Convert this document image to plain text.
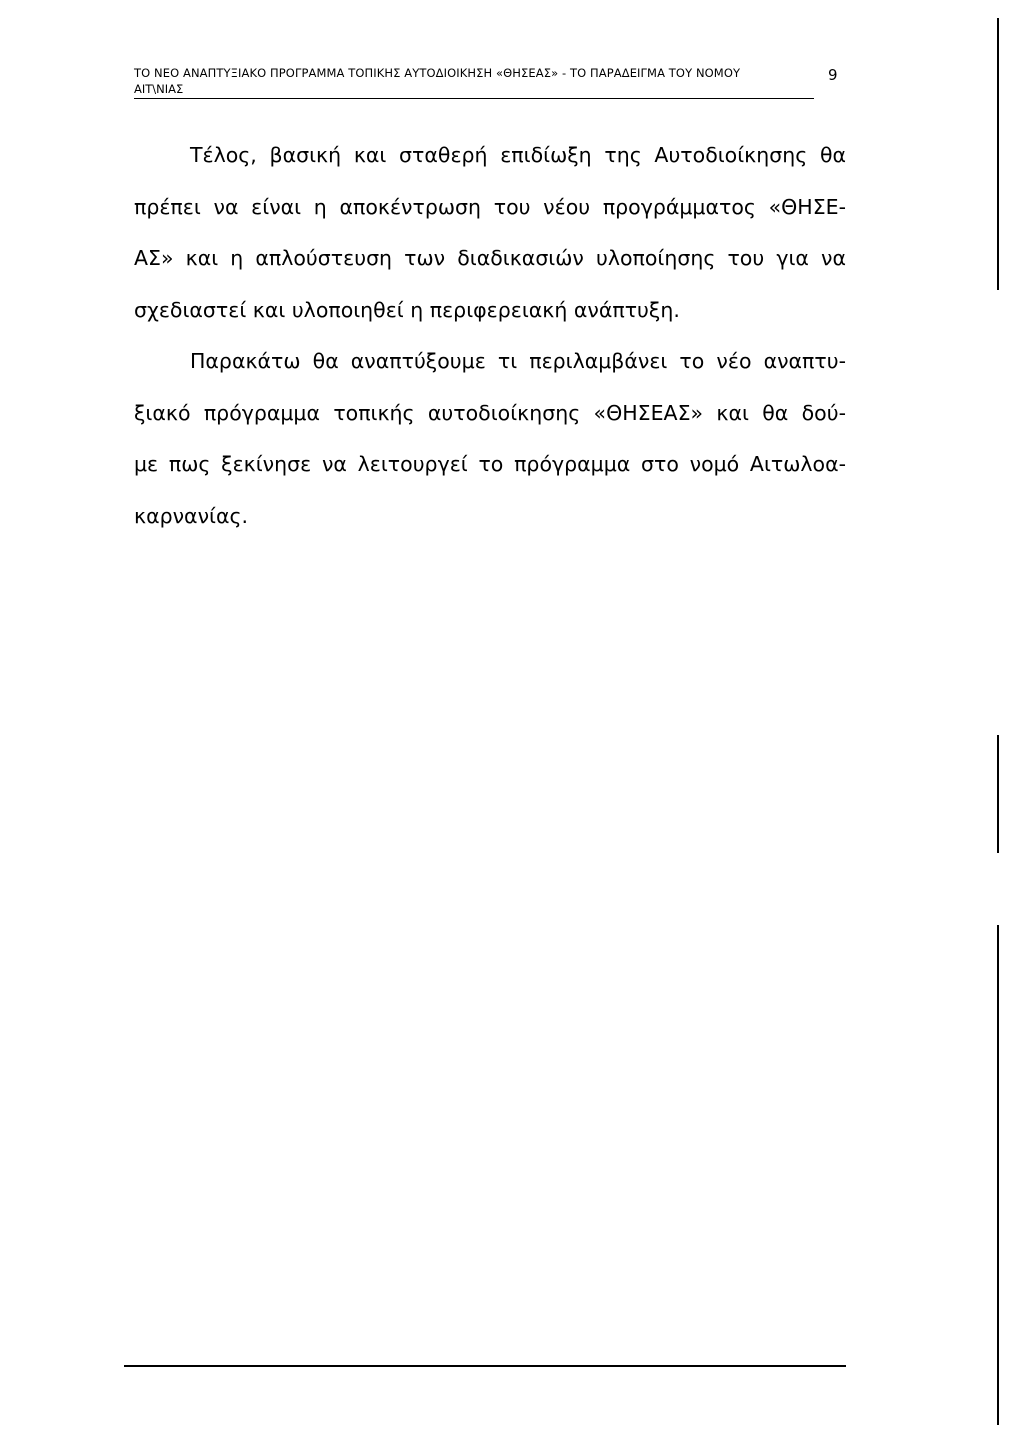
ΤΟ ΝΕΟ ΑΝΑΠΤΥΞΙΑΚΟ ΠΡΟΓΡΑΜΜΑ ΤΟΠΙΚΗΣ ΑΥΤΟΔΙΟΙΚΗΣΗ «ΘΗΣΕΑΣ» - ΤΟ ΠΑΡΑΔΕΙΓΜΑ ΤΟΥ ΝΟΜΟΥ
ΑΙΤ\ΝΙΑΣ
9
Τέλος, βασική και σταθερή επιδίωξη της Αυτοδιοίκησης θα
πρέπει να είναι η αποκέντρωση του νέου προγράμματος «ΘΗΣΕ-
ΑΣ» και η απλούστευση των διαδικασιών υλοποίησης του για να
σχεδιαστεί και υλοποιηθεί η περιφερειακή ανάπτυξη.
Παρακάτω θα αναπτύξουμε τι περιλαμβάνει το νέο αναπτυ-
ξιακό πρόγραμμα τοπικής αυτοδιοίκησης «ΘΗΣΕΑΣ» και θα δού-
με πως ξεκίνησε να λειτουργεί το πρόγραμμα στο νομό Αιτωλοα-
καρνανίας.
